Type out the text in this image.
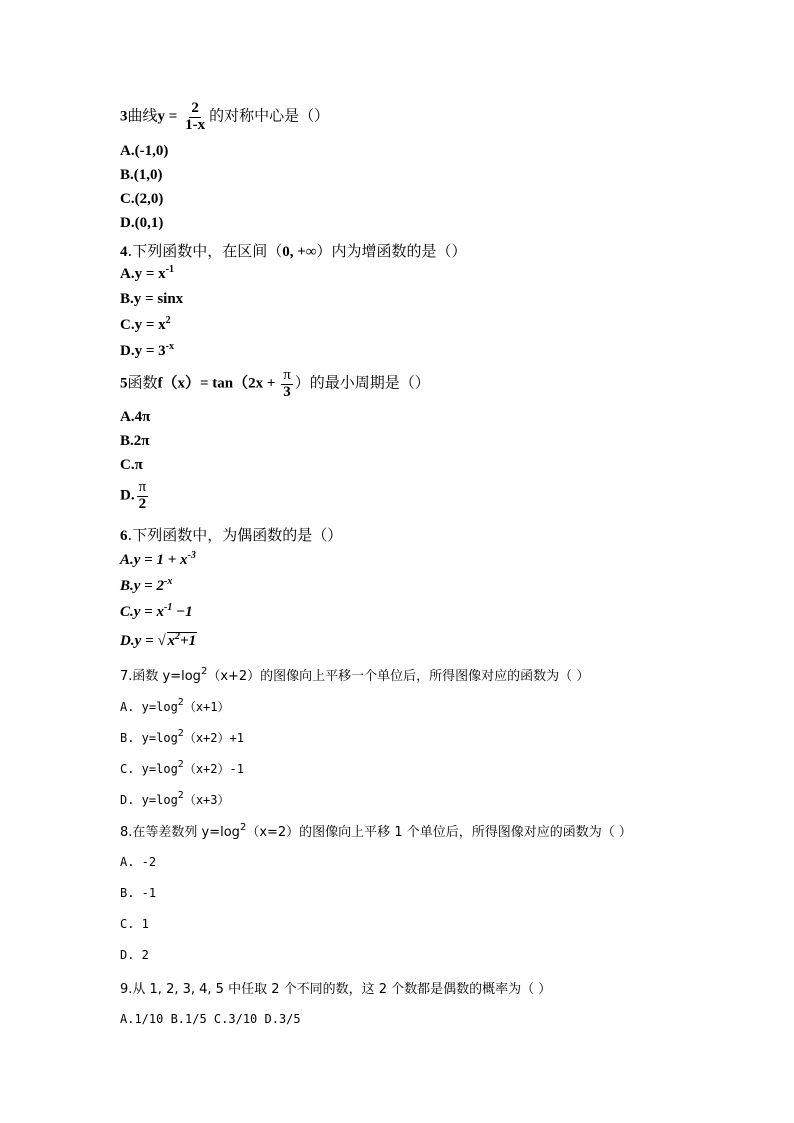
3曲线$y = \frac{2}{1-x}$ 的对称中心是（）
A.(-1,0)
B.(1,0)
C.(2,0)
D.(0,1)
4.下列函数中，在区间（0, +∞）内为增函数的是（）
$A.y = x^{-1}$
B.y = sinx
$C.y = x^2$
$D.y = 3^{-x}$
5函数$f(x)= \tan(2x + \frac{\pi}{3}$ ）的最小周期是（）
A.4π
B.2π
C.π
D. $\frac{\pi}{2}$
6.下列函数中，为偶函数的是（）
$A.y = 1 + x^{-3}$
$B.y = 2^{-x}$
$C.y = x^{-1} -1$
D.y = √ $x^2+1$
7.函数 $y=\log^2(x+2)$的图像向上平移一个单位后，所得图像对应的函数为（ ）
A. $y=\log^2(x+1)$
B. $y=\log^2(x+2)+1$
C. $y=\log^2(x+2)-1$
D. $y=\log^2(x+3)$
8.在等差数列 $y=\log^2(x=2)$的图像向上平移 1 个单位后，所得图像对应的函数为（ ）
A. -2
B. -1
C. 1
D. 2
9.从 1, 2, 3, 4, 5 中任取 2 个不同的数，这 2 个数都是偶数的概率为（ ）
A.1/10 B.1/5 C.3/10 D.3/5
